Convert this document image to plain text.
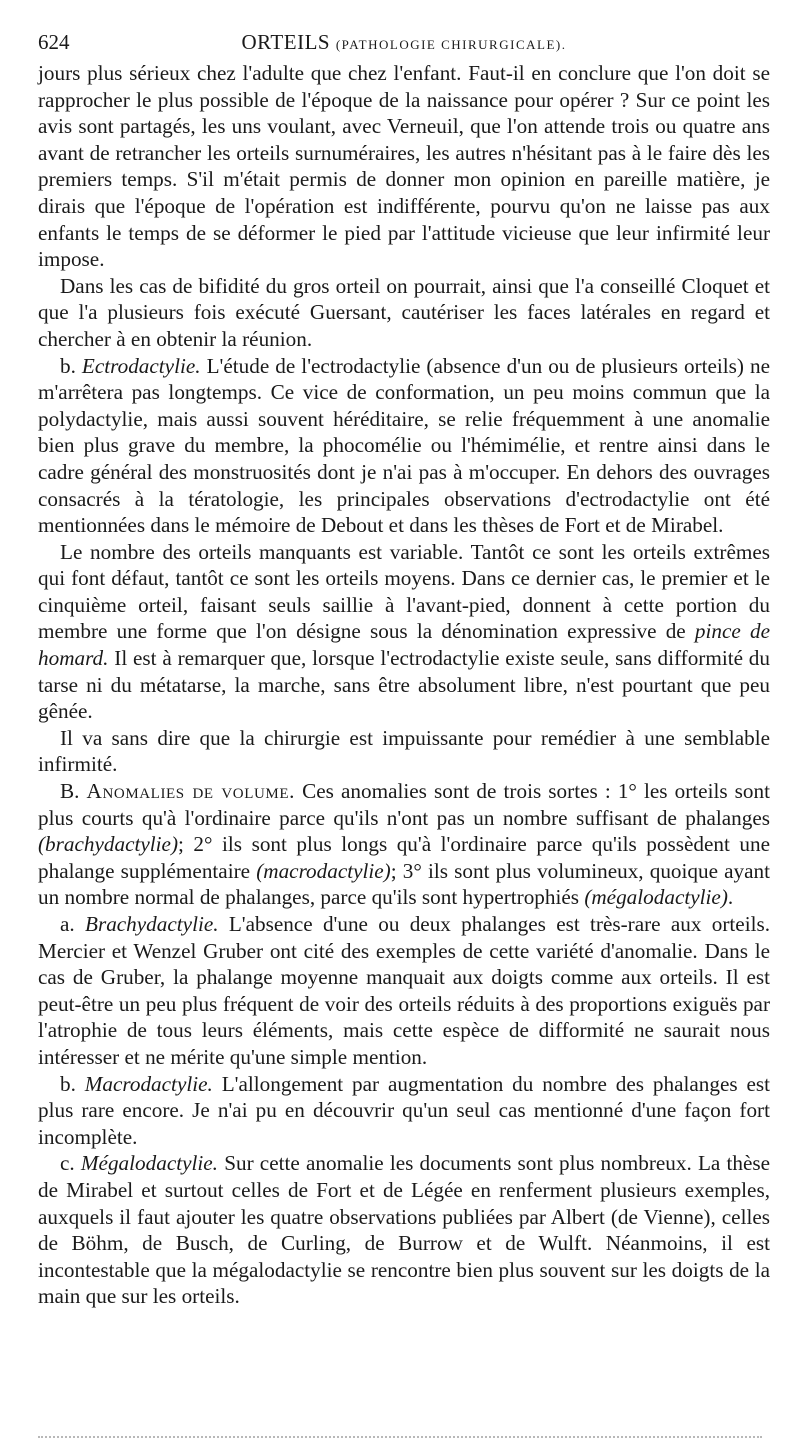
624	ORTEILS (PATHOLOGIE CHIRURGICALE).

jours plus sérieux chez l'adulte que chez l'enfant. Faut-il en conclure que l'on doit se rapprocher le plus possible de l'époque de la naissance pour opérer ? Sur ce point les avis sont partagés, les uns voulant, avec Verneuil, que l'on attende trois ou quatre ans avant de retrancher les orteils surnuméraires, les autres n'hésitant pas à le faire dès les premiers temps. S'il m'était permis de donner mon opinion en pareille matière, je dirais que l'époque de l'opération est indifférente, pourvu qu'on ne laisse pas aux enfants le temps de se déformer le pied par l'attitude vicieuse que leur infirmité leur impose.

Dans les cas de bifidité du gros orteil on pourrait, ainsi que l'a conseillé Cloquet et que l'a plusieurs fois exécuté Guersant, cautériser les faces latérales en regard et chercher à en obtenir la réunion.

b. Ectrodactylie. L'étude de l'ectrodactylie (absence d'un ou de plusieurs orteils) ne m'arrêtera pas longtemps. Ce vice de conformation, un peu moins commun que la polydactylie, mais aussi souvent héréditaire, se relie fréquemment à une anomalie bien plus grave du membre, la phocomélie ou l'hémimélie, et rentre ainsi dans le cadre général des monstruosités dont je n'ai pas à m'occuper. En dehors des ouvrages consacrés à la tératologie, les principales observations d'ectrodactylie ont été mentionnées dans le mémoire de Debout et dans les thèses de Fort et de Mirabel.

Le nombre des orteils manquants est variable. Tantôt ce sont les orteils extrêmes qui font défaut, tantôt ce sont les orteils moyens. Dans ce dernier cas, le premier et le cinquième orteil, faisant seuls saillie à l'avant-pied, donnent à cette portion du membre une forme que l'on désigne sous la dénomination expressive de pince de homard. Il est à remarquer que, lorsque l'ectrodactylie existe seule, sans difformité du tarse ni du métatarse, la marche, sans être absolument libre, n'est pourtant que peu gênée.

Il va sans dire que la chirurgie est impuissante pour remédier à une semblable infirmité.

B. Anomalies de volume. Ces anomalies sont de trois sortes : 1° les orteils sont plus courts qu'à l'ordinaire parce qu'ils n'ont pas un nombre suffisant de phalanges (brachydactylie); 2° ils sont plus longs qu'à l'ordinaire parce qu'ils possèdent une phalange supplémentaire (macrodactylie); 3° ils sont plus volumineux, quoique ayant un nombre normal de phalanges, parce qu'ils sont hypertrophiés (mégalodactylie).

a. Brachydactylie. L'absence d'une ou deux phalanges est très-rare aux orteils. Mercier et Wenzel Gruber ont cité des exemples de cette variété d'anomalie. Dans le cas de Gruber, la phalange moyenne manquait aux doigts comme aux orteils. Il est peut-être un peu plus fréquent de voir des orteils réduits à des proportions exiguës par l'atrophie de tous leurs éléments, mais cette espèce de difformité ne saurait nous intéresser et ne mérite qu'une simple mention.

b. Macrodactylie. L'allongement par augmentation du nombre des phalanges est plus rare encore. Je n'ai pu en découvrir qu'un seul cas mentionné d'une façon fort incomplète.

c. Mégalodactylie. Sur cette anomalie les documents sont plus nombreux. La thèse de Mirabel et surtout celles de Fort et de Légée en renferment plusieurs exemples, auxquels il faut ajouter les quatre observations publiées par Albert (de Vienne), celles de Böhm, de Busch, de Curling, de Burrow et de Wulft. Néanmoins, il est incontestable que la mégalodactylie se rencontre bien plus souvent sur les doigts de la main que sur les orteils.
